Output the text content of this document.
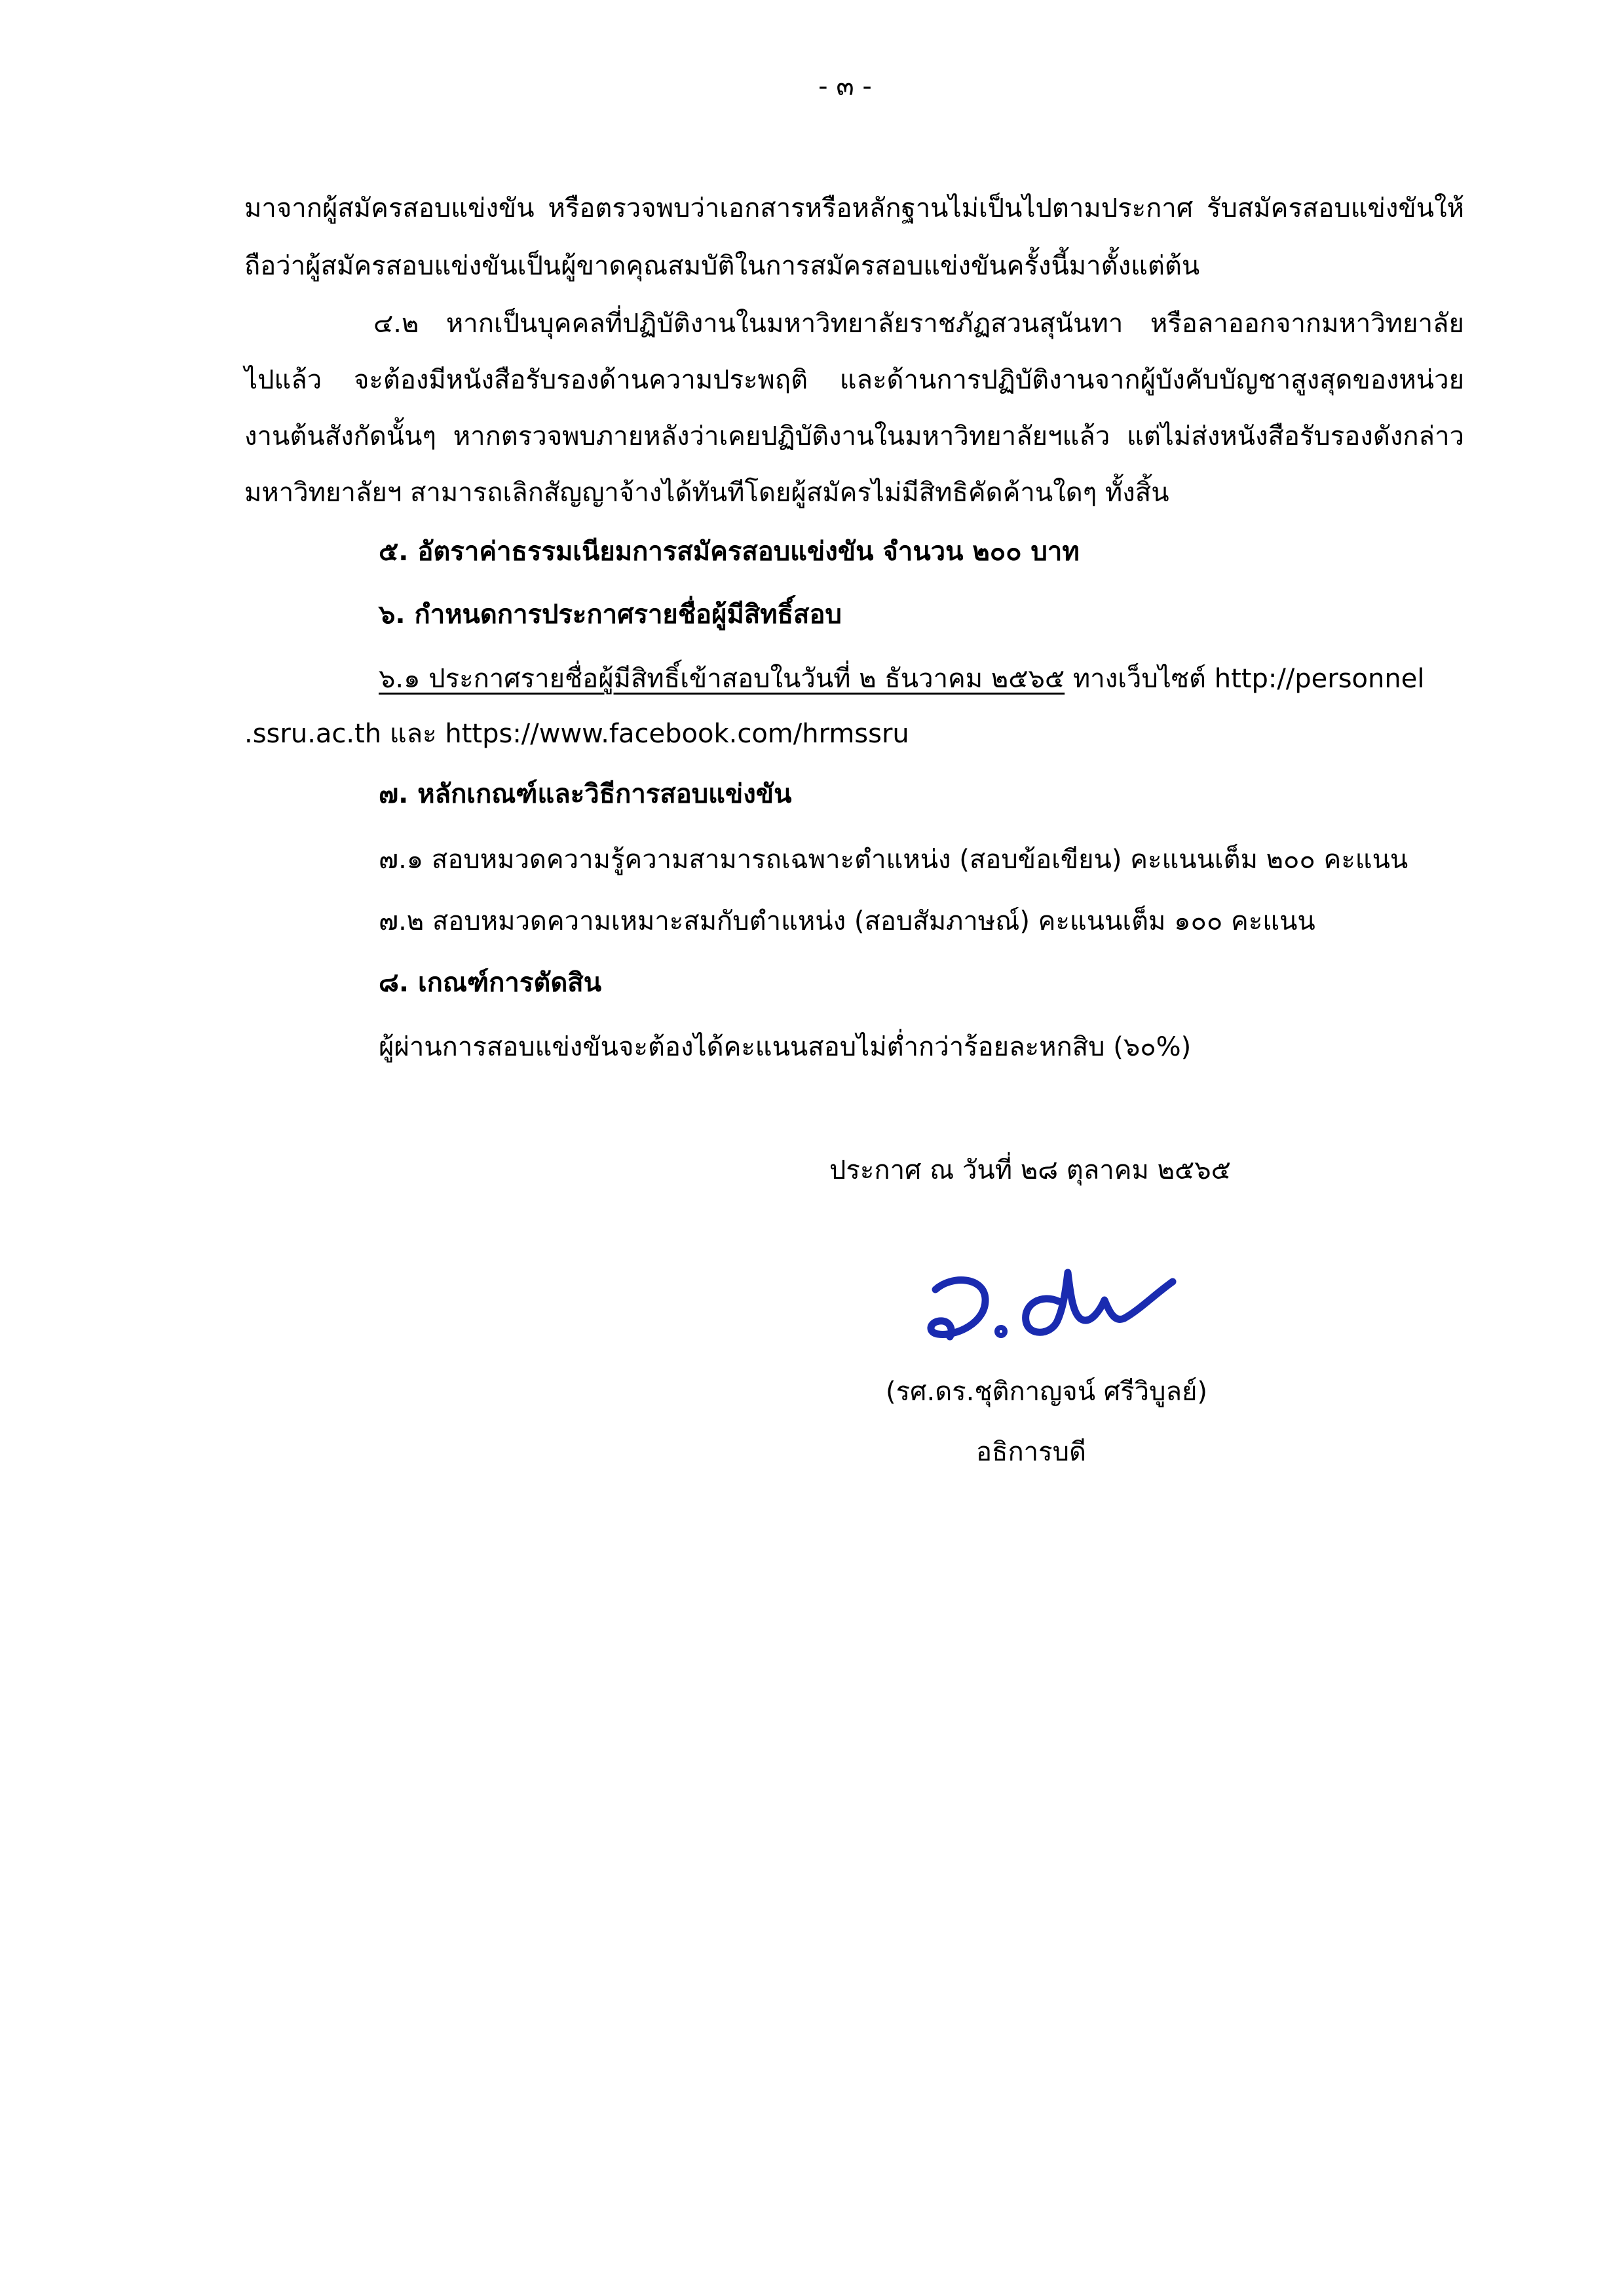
- ๓ -
มาจากผู้สมัครสอบแข่งขัน หรือตรวจพบว่าเอกสารหรือหลักฐานไม่เป็นไปตามประกาศ รับสมัครสอบแข่งขันให้
ถือว่าผู้สมัครสอบแข่งขันเป็นผู้ขาดคุณสมบัติในการสมัครสอบแข่งขันครั้งนี้มาตั้งแต่ต้น
๔.๒ หากเป็นบุคคลที่ปฏิบัติงานในมหาวิทยาลัยราชภัฏสวนสุนันทา หรือลาออกจากมหาวิทยาลัย
ไปแล้ว จะต้องมีหนังสือรับรองด้านความประพฤติ และด้านการปฏิบัติงานจากผู้บังคับบัญชาสูงสุดของหน่วย
งานต้นสังกัดนั้นๆ หากตรวจพบภายหลังว่าเคยปฏิบัติงานในมหาวิทยาลัยฯแล้ว แต่ไม่ส่งหนังสือรับรองดังกล่าว
มหาวิทยาลัยฯ สามารถเลิกสัญญาจ้างได้ทันทีโดยผู้สมัครไม่มีสิทธิคัดค้านใดๆ ทั้งสิ้น
๕. อัตราค่าธรรมเนียมการสมัครสอบแข่งขัน จำนวน ๒๐๐ บาท
๖. กำหนดการประกาศรายชื่อผู้มีสิทธิ์สอบ
๖.๑ ประกาศรายชื่อผู้มีสิทธิ์เข้าสอบในวันที่ ๒ ธันวาคม ๒๕๖๕ ทางเว็บไซต์ http://personnel
.ssru.ac.th และ https://www.facebook.com/hrmssru
๗. หลักเกณฑ์และวิธีการสอบแข่งขัน
๗.๑ สอบหมวดความรู้ความสามารถเฉพาะตำแหน่ง (สอบข้อเขียน) คะแนนเต็ม ๒๐๐ คะแนน
๗.๒ สอบหมวดความเหมาะสมกับตำแหน่ง (สอบสัมภาษณ์) คะแนนเต็ม ๑๐๐ คะแนน
๘. เกณฑ์การตัดสิน
ผู้ผ่านการสอบแข่งขันจะต้องได้คะแนนสอบไม่ต่ำกว่าร้อยละหกสิบ (๖๐%)
ประกาศ ณ วันที่ ๒๘ ตุลาคม ๒๕๖๕
(รศ.ดร.ชุติกาญจน์ ศรีวิบูลย์)
อธิการบดี
